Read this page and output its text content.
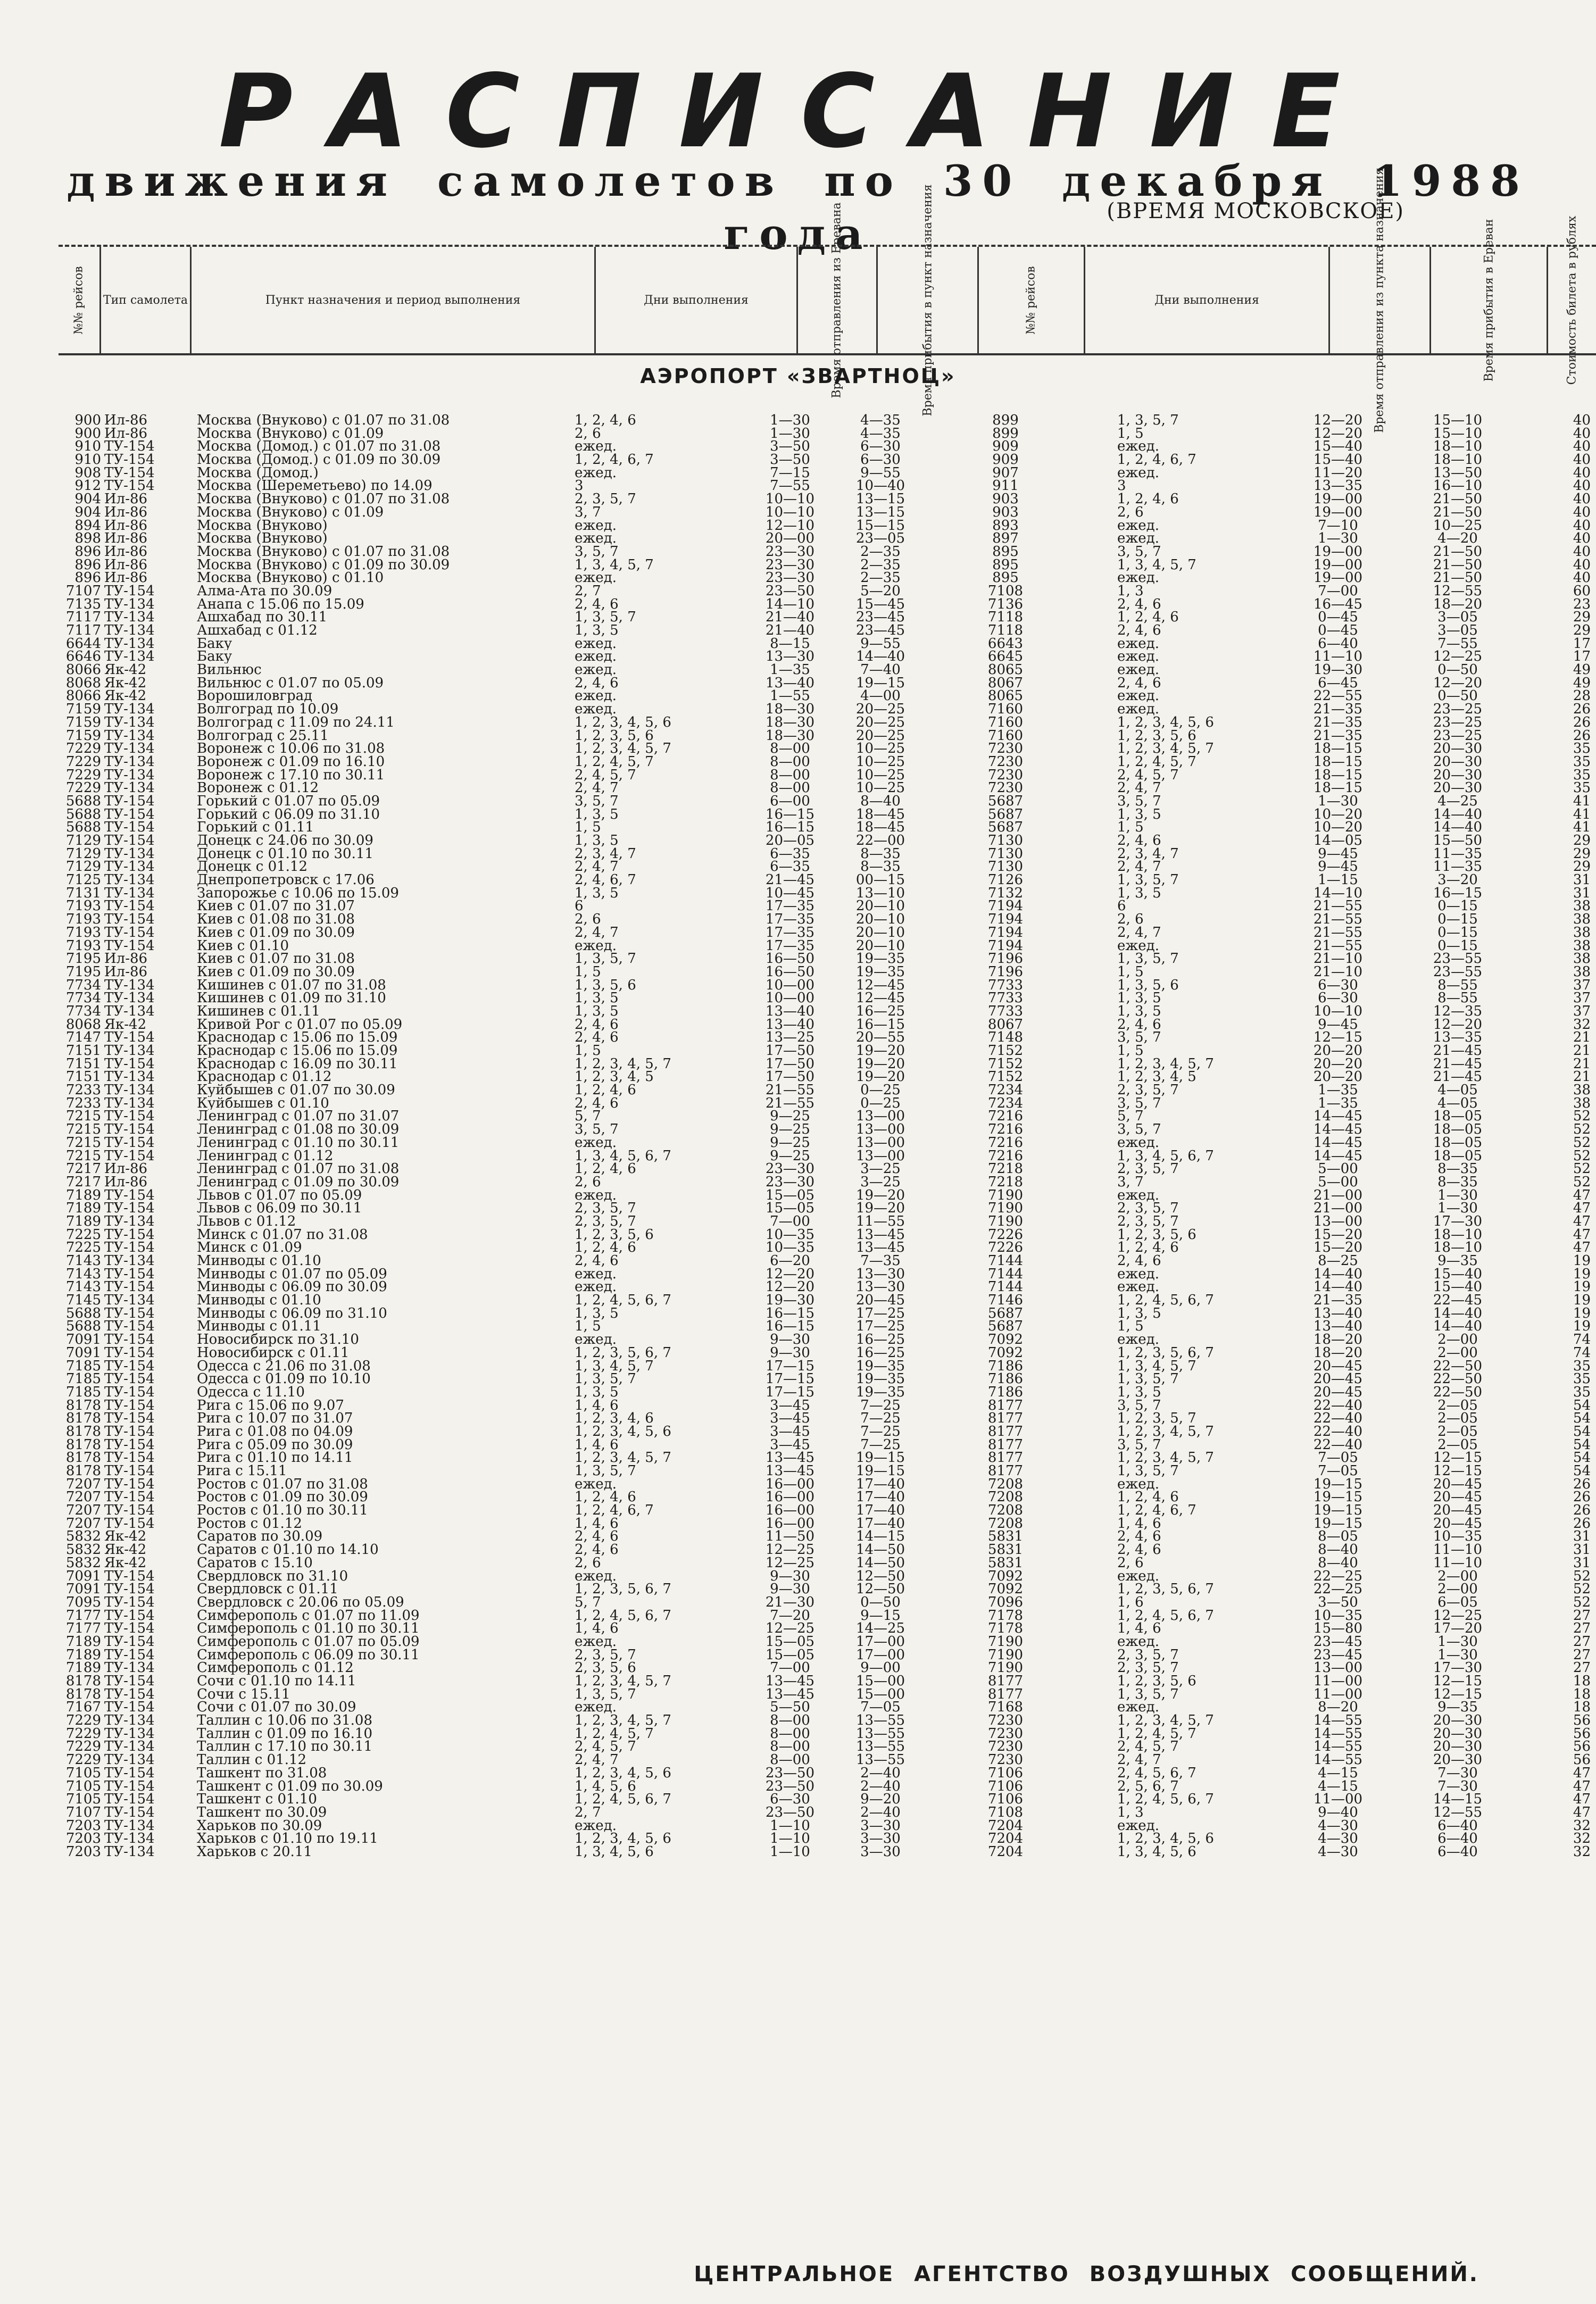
РАСПИСАНИЕ
движения самолетов по 30 декабря 1988 года	(ВРЕМЯ МОСКОВСКОЕ)
№№ рейсов Тип самолета	Пункт назначения и период выполнения	Дни выполнения	Время отправления из Еревана	Время прибытия в пункт назначения	№№ рейсов	Дни выполнения	Время отправления из пункта назначения	Время прибытия в Ереван	Стоимость билета в рублях
АЭРОПОРТ «ЗВАРТНОЦ»
900 Ил-86	Москва (Внуково) с 01.07 по 31.08	1, 2, 4, 6	1—30	4—35	899	1, 3, 5, 7	12—20	15—10	40
900 Ил-86	Москва (Внуково) с 01.09	2, 6	1—30	4—35	899	1, 5	12—20	15—10	40
910 ТУ-154	Москва (Домод.) с 01.07 по 31.08	ежед.	3—50	6—30	909	ежед.	15—40	18—10	40
910 ТУ-154	Москва (Домод.) с 01.09 по 30.09	1, 2, 4, 6, 7	3—50	6—30	909	1, 2, 4, 6, 7	15—40	18—10	40
908 ТУ-154	Москва (Домод.)	ежед.	7—15	9—55	907	ежед.	11—20	13—50	40
912 ТУ-154	Москва (Шереметьево) по 14.09	3	7—55	10—40	911	3	13—35	16—10	40
904 Ил-86	Москва (Внуково) с 01.07 по 31.08	2, 3, 5, 7	10—10	13—15	903	1, 2, 4, 6	19—00	21—50	40
904 Ил-86	Москва (Внуково) с 01.09	3, 7	10—10	13—15	903	2, 6	19—00	21—50	40
894 Ил-86	Москва (Внуково)	ежед.	12—10	15—15	893	ежед.	7—10	10—25	40
898 Ил-86	Москва (Внуково)	ежед.	20—00	23—05	897	ежед.	1—30	4—20	40
896 Ил-86	Москва (Внуково) с 01.07 по 31.08	3, 5, 7	23—30	2—35	895	3, 5, 7	19—00	21—50	40
896 Ил-86	Москва (Внуково) с 01.09 по 30.09	1, 3, 4, 5, 7	23—30	2—35	895	1, 3, 4, 5, 7	19—00	21—50	40
896 Ил-86	Москва (Внуково) с 01.10	ежед.	23—30	2—35	895	ежед.	19—00	21—50	40
7107 ТУ-154	Алма-Ата по 30.09	2, 7	23—50	5—20	7108	1, 3	7—00	12—55	60
7135 ТУ-134	Анапа с 15.06 по 15.09	2, 4, 6	14—10	15—45	7136	2, 4, 6	16—45	18—20	23
7117 ТУ-134	Ашхабад по 30.11	1, 3, 5, 7	21—40	23—45	7118	1, 2, 4, 6	0—45	3—05	29
7117 ТУ-134	Ашхабад с 01.12	1, 3, 5	21—40	23—45	7118	2, 4, 6	0—45	3—05	29
6644 ТУ-134	Баку	ежед.	8—15	9—55	6643	ежед.	6—40	7—55	17
6646 ТУ-134	Баку	ежед.	13—30	14—40	6645	ежед.	11—10	12—25	17
8066 Як-42	Вильнюс	ежед.	1—35	7—40	8065	ежед.	19—30	0—50	49
8068 Як-42	Вильнюс с 01.07 по 05.09	2, 4, 6	13—40	19—15	8067	2, 4, 6	6—45	12—20	49
8066 Як-42	Ворошиловград	ежед.	1—55	4—00	8065	ежед.	22—55	0—50	28
7159 ТУ-134	Волгоград по 10.09	ежед.	18—30	20—25	7160	ежед.	21—35	23—25	26
7159 ТУ-134	Волгоград с 11.09 по 24.11	1, 2, 3, 4, 5, 6	18—30	20—25	7160	1, 2, 3, 4, 5, 6	21—35	23—25	26
7159 ТУ-134	Волгоград с 25.11	1, 2, 3, 5, 6	18—30	20—25	7160	1, 2, 3, 5, 6	21—35	23—25	26
7229 ТУ-134	Воронеж с 10.06 по 31.08	1, 2, 3, 4, 5, 7	8—00	10—25	7230	1, 2, 3, 4, 5, 7	18—15	20—30	35
7229 ТУ-134	Воронеж с 01.09 по 16.10	1, 2, 4, 5, 7	8—00	10—25	7230	1, 2, 4, 5, 7	18—15	20—30	35
7229 ТУ-134	Воронеж с 17.10 по 30.11	2, 4, 5, 7	8—00	10—25	7230	2, 4, 5, 7	18—15	20—30	35
7229 ТУ-134	Воронеж с 01.12	2, 4, 7	8—00	10—25	7230	2, 4, 7	18—15	20—30	35
5688 ТУ-154	Горький с 01.07 по 05.09	3, 5, 7	6—00	8—40	5687	3, 5, 7	1—30	4—25	41
5688 ТУ-154	Горький с 06.09 по 31.10	1, 3, 5	16—15	18—45	5687	1, 3, 5	10—20	14—40	41
5688 ТУ-154	Горький с 01.11	1, 5	16—15	18—45	5687	1, 5	10—20	14—40	41
7129 ТУ-154	Донецк с 24.06 по 30.09	1, 3, 5	20—05	22—00	7130	2, 4, 6	14—05	15—50	29
7129 ТУ-134	Донецк с 01.10 по 30.11	2, 3, 4, 7	6—35	8—35	7130	2, 3, 4, 7	9—45	11—35	29
7129 ТУ-134	Донецк с 01.12	2, 4, 7	6—35	8—35	7130	2, 4, 7	9—45	11—35	29
7125 ТУ-134	Днепропетровск с 17.06	2, 4, 6, 7	21—45	00—15	7126	1, 3, 5, 7	1—15	3—20	31
7131 ТУ-134	Запорожье с 10.06 по 15.09	1, 3, 5	10—45	13—10	7132	1, 3, 5	14—10	16—15	31
7193 ТУ-154	Киев с 01.07 по 31.07	6	17—35	20—10	7194	6	21—55	0—15	38
7193 ТУ-154	Киев с 01.08 по 31.08	2, 6	17—35	20—10	7194	2, 6	21—55	0—15	38
7193 ТУ-154	Киев с 01.09 по 30.09	2, 4, 7	17—35	20—10	7194	2, 4, 7	21—55	0—15	38
7193 ТУ-154	Киев с 01.10	ежед.	17—35	20—10	7194	ежед.	21—55	0—15	38
7195 Ил-86	Киев с 01.07 по 31.08	1, 3, 5, 7	16—50	19—35	7196	1, 3, 5, 7	21—10	23—55	38
7195 Ил-86	Киев с 01.09 по 30.09	1, 5	16—50	19—35	7196	1, 5	21—10	23—55	38
7734 ТУ-134	Кишинев с 01.07 по 31.08	1, 3, 5, 6	10—00	12—45	7733	1, 3, 5, 6	6—30	8—55	37
7734 ТУ-134	Кишинев с 01.09 по 31.10	1, 3, 5	10—00	12—45	7733	1, 3, 5	6—30	8—55	37
7734 ТУ-134	Кишинев с 01.11	1, 3, 5	13—40	16—25	7733	1, 3, 5	10—10	12—35	37
8068 Як-42	Кривой Рог с 01.07 по 05.09	2, 4, 6	13—40	16—15	8067	2, 4, 6	9—45	12—20	32
7147 ТУ-154	Краснодар с 15.06 по 15.09	2, 4, 6	13—25	20—55	7148	3, 5, 7	12—15	13—35	21
7151 ТУ-134	Краснодар с 15.06 по 15.09	1, 5	17—50	19—20	7152	1, 5	20—20	21—45	21
7151 ТУ-154	Краснодар с 16.09 по 30.11	1, 2, 3, 4, 5, 7	17—50	19—20	7152	1, 2, 3, 4, 5, 7	20—20	21—45	21
7151 ТУ-134	Краснодар с 01.12	1, 2, 3, 4, 5	17—50	19—20	7152	1, 2, 3, 4, 5	20—20	21—45	21
7233 ТУ-134	Куйбышев с 01.07 по 30.09	1, 2, 4, 6	21—55	0—25	7234	2, 3, 5, 7	1—35	4—05	38
7233 ТУ-134	Куйбышев с 01.10	2, 4, 6	21—55	0—25	7234	3, 5, 7	1—35	4—05	38
7215 ТУ-154	Ленинград с 01.07 по 31.07	5, 7	9—25	13—00	7216	5, 7	14—45	18—05	52
7215 ТУ-154	Ленинград с 01.08 по 30.09	3, 5, 7	9—25	13—00	7216	3, 5, 7	14—45	18—05	52
7215 ТУ-154	Ленинград с 01.10 по 30.11	ежед.	9—25	13—00	7216	ежед.	14—45	18—05	52
7215 ТУ-154	Ленинград с 01.12	1, 3, 4, 5, 6, 7	9—25	13—00	7216	1, 3, 4, 5, 6, 7	14—45	18—05	52
7217 Ил-86	Ленинград с 01.07 по 31.08	1, 2, 4, 6	23—30	3—25	7218	2, 3, 5, 7	5—00	8—35	52
7217 Ил-86	Ленинград с 01.09 по 30.09	2, 6	23—30	3—25	7218	3, 7	5—00	8—35	52
7189 ТУ-154	Львов с 01.07 по 05.09	ежед.	15—05	19—20	7190	ежед.	21—00	1—30	47
7189 ТУ-154	Львов с 06.09 по 30.11	2, 3, 5, 7	15—05	19—20	7190	2, 3, 5, 7	21—00	1—30	47
7189 ТУ-134	Львов с 01.12	2, 3, 5, 7	7—00	11—55	7190	2, 3, 5, 7	13—00	17—30	47
7225 ТУ-154	Минск с 01.07 по 31.08	1, 2, 3, 5, 6	10—35	13—45	7226	1, 2, 3, 5, 6	15—20	18—10	47
7225 ТУ-154	Минск с 01.09	1, 2, 4, 6	10—35	13—45	7226	1, 2, 4, 6	15—20	18—10	47
7143 ТУ-134	Минводы с 01.10	2, 4, 6	6—20	7—35	7144	2, 4, 6	8—25	9—35	19
7143 ТУ-154	Минводы с 01.07 по 05.09	ежед.	12—20	13—30	7144	ежед.	14—40	15—40	19
7143 ТУ-154	Минводы с 06.09 по 30.09	ежед.	12—20	13—30	7144	ежед.	14—40	15—40	19
7145 ТУ-134	Минводы с 01.10	1, 2, 4, 5, 6, 7	19—30	20—45	7146	1, 2, 4, 5, 6, 7	21—35	22—45	19
5688 ТУ-154	Минводы с 06.09 по 31.10	1, 3, 5	16—15	17—25	5687	1, 3, 5	13—40	14—40	19
5688 ТУ-154	Минводы с 01.11	1, 5	16—15	17—25	5687	1, 5	13—40	14—40	19
7091 ТУ-154	Новосибирск по 31.10	ежед.	9—30	16—25	7092	ежед.	18—20	2—00	74
7091 ТУ-154	Новосибирск с 01.11	1, 2, 3, 5, 6, 7	9—30	16—25	7092	1, 2, 3, 5, 6, 7	18—20	2—00	74
7185 ТУ-154	Одесса с 21.06 по 31.08	1, 3, 4, 5, 7	17—15	19—35	7186	1, 3, 4, 5, 7	20—45	22—50	35
7185 ТУ-154	Одесса с 01.09 по 10.10	1, 3, 5, 7	17—15	19—35	7186	1, 3, 5, 7	20—45	22—50	35
7185 ТУ-154	Одесса с 11.10	1, 3, 5	17—15	19—35	7186	1, 3, 5	20—45	22—50	35
8178 ТУ-154	Рига с 15.06 по 9.07	1, 4, 6	3—45	7—25	8177	3, 5, 7	22—40	2—05	54
8178 ТУ-154	Рига с 10.07 по 31.07	1, 2, 3, 4, 6	3—45	7—25	8177	1, 2, 3, 5, 7	22—40	2—05	54
8178 ТУ-154	Рига с 01.08 по 04.09	1, 2, 3, 4, 5, 6	3—45	7—25	8177	1, 2, 3, 4, 5, 7	22—40	2—05	54
8178 ТУ-154	Рига с 05.09 по 30.09	1, 4, 6	3—45	7—25	8177	3, 5, 7	22—40	2—05	54
8178 ТУ-154	Рига с 01.10 по 14.11	1, 2, 3, 4, 5, 7	13—45	19—15	8177	1, 2, 3, 4, 5, 7	7—05	12—15	54
8178 ТУ-154	Рига с 15.11	1, 3, 5, 7	13—45	19—15	8177	1, 3, 5, 7	7—05	12—15	54
7207 ТУ-154	Ростов с 01.07 по 31.08	ежед.	16—00	17—40	7208	ежед.	19—15	20—45	26
7207 ТУ-154	Ростов с 01.09 по 30.09	1, 2, 4, 6	16—00	17—40	7208	1, 2, 4, 6	19—15	20—45	26
7207 ТУ-154	Ростов с 01.10 по 30.11	1, 2, 4, 6, 7	16—00	17—40	7208	1, 2, 4, 6, 7	19—15	20—45	26
7207 ТУ-154	Ростов с 01.12	1, 4, 6	16—00	17—40	7208	1, 4, 6	19—15	20—45	26
5832 Як-42	Саратов по 30.09	2, 4, 6	11—50	14—15	5831	2, 4, 6	8—05	10—35	31
5832 Як-42	Саратов с 01.10 по 14.10	2, 4, 6	12—25	14—50	5831	2, 4, 6	8—40	11—10	31
5832 Як-42	Саратов с 15.10	2, 6	12—25	14—50	5831	2, 6	8—40	11—10	31
7091 ТУ-154	Свердловск по 31.10	ежед.	9—30	12—50	7092	ежед.	22—25	2—00	52
7091 ТУ-154	Свердловск с 01.11	1, 2, 3, 5, 6, 7	9—30	12—50	7092	1, 2, 3, 5, 6, 7	22—25	2—00	52
7095 ТУ-154	Свердловск с 20.06 по 05.09	5, 7	21—30	0—50	7096	1, 6	3—50	6—05	52
7177 ТУ-154	Симферополь с 01.07 по 11.09	1, 2, 4, 5, 6, 7	7—20	9—15	7178	1, 2, 4, 5, 6, 7	10—35	12—25	27
7177 ТУ-154	Симферополь с 01.10 по 30.11	1, 4, 6	12—25	14—25	7178	1, 4, 6	15—80	17—20	27
7189 ТУ-154	Симферополь с 01.07 по 05.09	ежед.	15—05	17—00	7190	ежед.	23—45	1—30	27
7189 ТУ-154	Симферополь с 06.09 по 30.11	2, 3, 5, 7	15—05	17—00	7190	2, 3, 5, 7	23—45	1—30	27
7189 ТУ-134	Симферополь с 01.12	2, 3, 5, 6	7—00	9—00	7190	2, 3, 5, 7	13—00	17—30	27
8178 ТУ-154	Сочи с 01.10 по 14.11	1, 2, 3, 4, 5, 7	13—45	15—00	8177	1, 2, 3, 5, 6	11—00	12—15	18
8178 ТУ-154	Сочи с 15.11	1, 3, 5, 7	13—45	15—00	8177	1, 3, 5, 7	11—00	12—15	18
7167 ТУ-154	Сочи с 01.07 по 30.09	ежед.	5—50	7—05	7168	ежед.	8—20	9—35	18
7229 ТУ-134	Таллин с 10.06 по 31.08	1, 2, 3, 4, 5, 7	8—00	13—55	7230	1, 2, 3, 4, 5, 7	14—55	20—30	56
7229 ТУ-134	Таллин с 01.09 по 16.10	1, 2, 4, 5, 7	8—00	13—55	7230	1, 2, 4, 5, 7	14—55	20—30	56
7229 ТУ-134	Таллин с 17.10 по 30.11	2, 4, 5, 7	8—00	13—55	7230	2, 4, 5, 7	14—55	20—30	56
7229 ТУ-134	Таллин с 01.12	2, 4, 7	8—00	13—55	7230	2, 4, 7	14—55	20—30	56
7105 ТУ-154	Ташкент по 31.08	1, 2, 3, 4, 5, 6	23—50	2—40	7106	2, 4, 5, 6, 7	4—15	7—30	47
7105 ТУ-154	Ташкент с 01.09 по 30.09	1, 4, 5, 6	23—50	2—40	7106	2, 5, 6, 7	4—15	7—30	47
7105 ТУ-154	Ташкент с 01.10	1, 2, 4, 5, 6, 7	6—30	9—20	7106	1, 2, 4, 5, 6, 7	11—00	14—15	47
7107 ТУ-154	Ташкент по 30.09	2, 7	23—50	2—40	7108	1, 3	9—40	12—55	47
7203 ТУ-134	Харьков по 30.09	ежед.	1—10	3—30	7204	ежед.	4—30	6—40	32
7203 ТУ-134	Харьков с 01.10 по 19.11	1, 2, 3, 4, 5, 6	1—10	3—30	7204	1, 2, 3, 4, 5, 6	4—30	6—40	32
7203 ТУ-134	Харьков с 20.11	1, 3, 4, 5, 6	1—10	3—30	7204	1, 3, 4, 5, 6	4—30	6—40	32
ЦЕНТРАЛЬНОЕ АГЕНТСТВО ВОЗДУШНЫХ СООБЩЕНИЙ.
